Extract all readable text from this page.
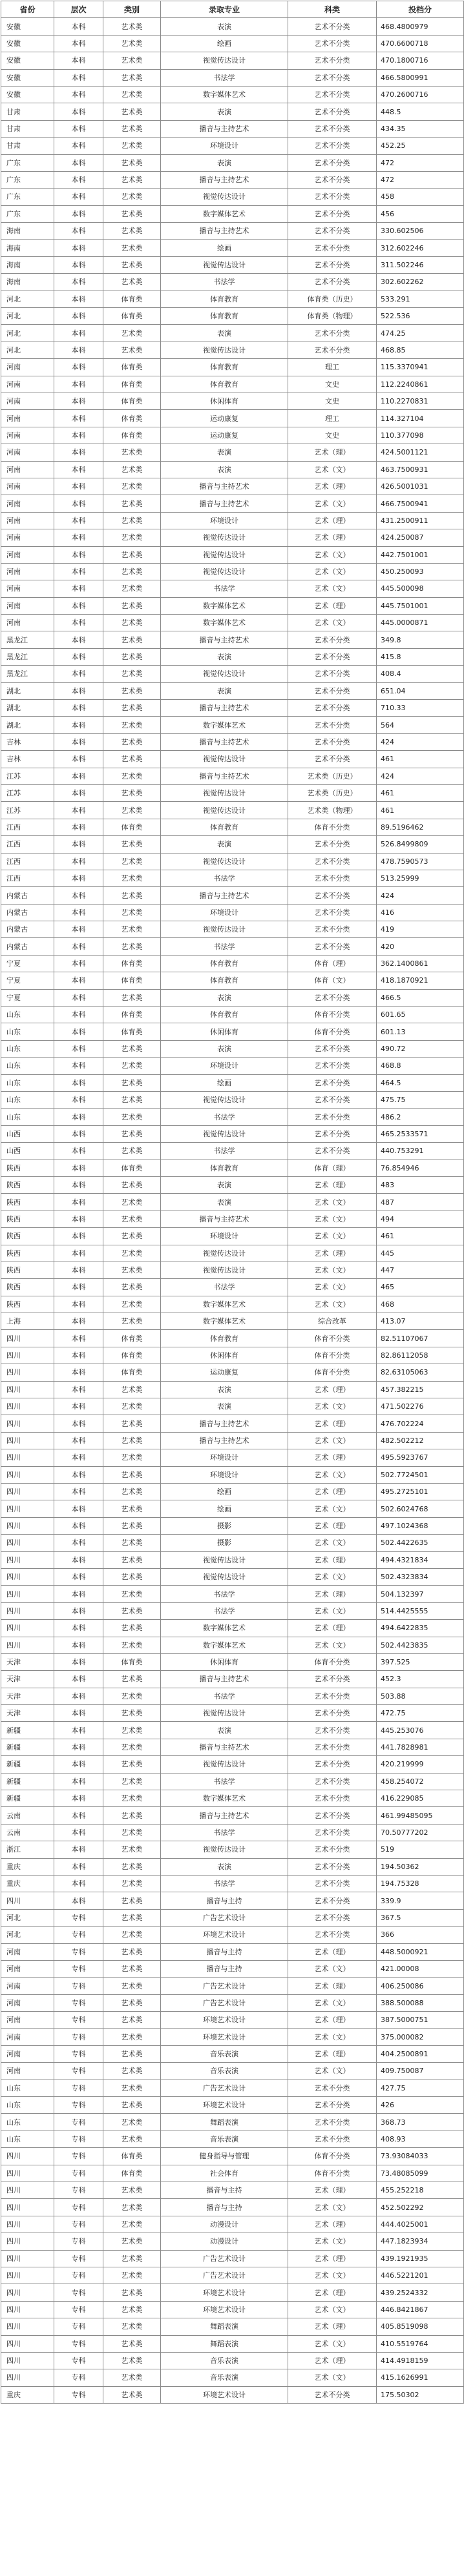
省份	层次	类别	录取专业	科类	投档分
安徽	本科	艺术类	表演	艺术不分类	468.4800979
安徽	本科	艺术类	绘画	艺术不分类	470.6600718
安徽	本科	艺术类	视觉传达设计	艺术不分类	470.1800716
安徽	本科	艺术类	书法学	艺术不分类	466.5800991
安徽	本科	艺术类	数字媒体艺术	艺术不分类	470.2600716
甘肃	本科	艺术类	表演	艺术不分类	448.5
甘肃	本科	艺术类	播音与主持艺术	艺术不分类	434.35
甘肃	本科	艺术类	环境设计	艺术不分类	452.25
广东	本科	艺术类	表演	艺术不分类	472
广东	本科	艺术类	播音与主持艺术	艺术不分类	472
广东	本科	艺术类	视觉传达设计	艺术不分类	458
广东	本科	艺术类	数字媒体艺术	艺术不分类	456
海南	本科	艺术类	播音与主持艺术	艺术不分类	330.602506
海南	本科	艺术类	绘画	艺术不分类	312.602246
海南	本科	艺术类	视觉传达设计	艺术不分类	311.502246
海南	本科	艺术类	书法学	艺术不分类	302.602262
河北	本科	体育类	体育教育	体育类（历史）	533.291
河北	本科	体育类	体育教育	体育类（物理）	522.536
河北	本科	艺术类	表演	艺术不分类	474.25
河北	本科	艺术类	视觉传达设计	艺术不分类	468.85
河南	本科	体育类	体育教育	理工	115.3370941
河南	本科	体育类	体育教育	文史	112.2240861
河南	本科	体育类	休闲体育	文史	110.2270831
河南	本科	体育类	运动康复	理工	114.327104
河南	本科	体育类	运动康复	文史	110.377098
河南	本科	艺术类	表演	艺术（理）	424.5001121
河南	本科	艺术类	表演	艺术（文）	463.7500931
河南	本科	艺术类	播音与主持艺术	艺术（理）	426.5001031
河南	本科	艺术类	播音与主持艺术	艺术（文）	466.7500941
河南	本科	艺术类	环境设计	艺术（理）	431.2500911
河南	本科	艺术类	视觉传达设计	艺术（理）	424.250087
河南	本科	艺术类	视觉传达设计	艺术（文）	442.7501001
河南	本科	艺术类	视觉传达设计	艺术（文）	450.250093
河南	本科	艺术类	书法学	艺术（文）	445.500098
河南	本科	艺术类	数字媒体艺术	艺术（理）	445.7501001
河南	本科	艺术类	数字媒体艺术	艺术（文）	445.0000871
黑龙江	本科	艺术类	播音与主持艺术	艺术不分类	349.8
黑龙江	本科	艺术类	表演	艺术不分类	415.8
黑龙江	本科	艺术类	视觉传达设计	艺术不分类	408.4
湖北	本科	艺术类	表演	艺术不分类	651.04
湖北	本科	艺术类	播音与主持艺术	艺术不分类	710.33
湖北	本科	艺术类	数字媒体艺术	艺术不分类	564
吉林	本科	艺术类	播音与主持艺术	艺术不分类	424
吉林	本科	艺术类	视觉传达设计	艺术不分类	461
江苏	本科	艺术类	播音与主持艺术	艺术类（历史）	424
江苏	本科	艺术类	视觉传达设计	艺术类（历史）	461
江苏	本科	艺术类	视觉传达设计	艺术类（物理）	461
江西	本科	体育类	体育教育	体育不分类	89.5196462
江西	本科	艺术类	表演	艺术不分类	526.8499809
江西	本科	艺术类	视觉传达设计	艺术不分类	478.7590573
江西	本科	艺术类	书法学	艺术不分类	513.25999
内蒙古	本科	艺术类	播音与主持艺术	艺术不分类	424
内蒙古	本科	艺术类	环境设计	艺术不分类	416
内蒙古	本科	艺术类	视觉传达设计	艺术不分类	419
内蒙古	本科	艺术类	书法学	艺术不分类	420
宁夏	本科	体育类	体育教育	体育（理）	362.1400861
宁夏	本科	体育类	体育教育	体育（文）	418.1870921
宁夏	本科	艺术类	表演	艺术不分类	466.5
山东	本科	体育类	体育教育	体育不分类	601.65
山东	本科	体育类	休闲体育	体育不分类	601.13
山东	本科	艺术类	表演	艺术不分类	490.72
山东	本科	艺术类	环境设计	艺术不分类	468.8
山东	本科	艺术类	绘画	艺术不分类	464.5
山东	本科	艺术类	视觉传达设计	艺术不分类	475.75
山东	本科	艺术类	书法学	艺术不分类	486.2
山西	本科	艺术类	视觉传达设计	艺术不分类	465.2533571
山西	本科	艺术类	书法学	艺术不分类	440.753291
陕西	本科	体育类	体育教育	体育（理）	76.854946
陕西	本科	艺术类	表演	艺术（理）	483
陕西	本科	艺术类	表演	艺术（文）	487
陕西	本科	艺术类	播音与主持艺术	艺术（文）	494
陕西	本科	艺术类	环境设计	艺术（文）	461
陕西	本科	艺术类	视觉传达设计	艺术（理）	445
陕西	本科	艺术类	视觉传达设计	艺术（文）	447
陕西	本科	艺术类	书法学	艺术（文）	465
陕西	本科	艺术类	数字媒体艺术	艺术（文）	468
上海	本科	艺术类	数字媒体艺术	综合改革	413.07
四川	本科	体育类	体育教育	体育不分类	82.51107067
四川	本科	体育类	休闲体育	体育不分类	82.86112058
四川	本科	体育类	运动康复	体育不分类	82.63105063
四川	本科	艺术类	表演	艺术（理）	457.382215
四川	本科	艺术类	表演	艺术（文）	471.502276
四川	本科	艺术类	播音与主持艺术	艺术（理）	476.702224
四川	本科	艺术类	播音与主持艺术	艺术（文）	482.502212
四川	本科	艺术类	环境设计	艺术（理）	495.5923767
四川	本科	艺术类	环境设计	艺术（文）	502.7724501
四川	本科	艺术类	绘画	艺术（理）	495.2725101
四川	本科	艺术类	绘画	艺术（文）	502.6024768
四川	本科	艺术类	摄影	艺术（理）	497.1024368
四川	本科	艺术类	摄影	艺术（文）	502.4422635
四川	本科	艺术类	视觉传达设计	艺术（理）	494.4321834
四川	本科	艺术类	视觉传达设计	艺术（文）	502.4323834
四川	本科	艺术类	书法学	艺术（理）	504.132397
四川	本科	艺术类	书法学	艺术（文）	514.4425555
四川	本科	艺术类	数字媒体艺术	艺术（理）	494.6422835
四川	本科	艺术类	数字媒体艺术	艺术（文）	502.4423835
天津	本科	体育类	休闲体育	体育不分类	397.525
天津	本科	艺术类	播音与主持艺术	艺术不分类	452.3
天津	本科	艺术类	书法学	艺术不分类	503.88
天津	本科	艺术类	视觉传达设计	艺术不分类	472.75
新疆	本科	艺术类	表演	艺术不分类	445.253076
新疆	本科	艺术类	播音与主持艺术	艺术不分类	441.7828981
新疆	本科	艺术类	视觉传达设计	艺术不分类	420.219999
新疆	本科	艺术类	书法学	艺术不分类	458.254072
新疆	本科	艺术类	数字媒体艺术	艺术不分类	416.229085
云南	本科	艺术类	播音与主持艺术	艺术不分类	461.99485095
云南	本科	艺术类	书法学	艺术不分类	70.50777202
浙江	本科	艺术类	视觉传达设计	艺术不分类	519
重庆	本科	艺术类	表演	艺术不分类	194.50362
重庆	本科	艺术类	书法学	艺术不分类	194.75328
四川	本科	艺术类	播音与主持	艺术不分类	339.9
河北	专科	艺术类	广告艺术设计	艺术不分类	367.5
河北	专科	艺术类	环境艺术设计	艺术不分类	366
河南	专科	艺术类	播音与主持	艺术（理）	448.5000921
河南	专科	艺术类	播音与主持	艺术（文）	421.00008
河南	专科	艺术类	广告艺术设计	艺术（理）	406.250086
河南	专科	艺术类	广告艺术设计	艺术（文）	388.500088
河南	专科	艺术类	环境艺术设计	艺术（理）	387.5000751
河南	专科	艺术类	环境艺术设计	艺术（文）	375.000082
河南	专科	艺术类	音乐表演	艺术（理）	404.2500891
河南	专科	艺术类	音乐表演	艺术（文）	409.750087
山东	专科	艺术类	广告艺术设计	艺术不分类	427.75
山东	专科	艺术类	环境艺术设计	艺术不分类	426
山东	专科	艺术类	舞蹈表演	艺术不分类	368.73
山东	专科	艺术类	音乐表演	艺术不分类	408.93
四川	专科	体育类	健身指导与管理	体育不分类	73.93084033
四川	专科	体育类	社会体育	体育不分类	73.48085099
四川	专科	艺术类	播音与主持	艺术（理）	455.252218
四川	专科	艺术类	播音与主持	艺术（文）	452.502292
四川	专科	艺术类	动漫设计	艺术（理）	444.4025001
四川	专科	艺术类	动漫设计	艺术（文）	447.1823934
四川	专科	艺术类	广告艺术设计	艺术（理）	439.1921935
四川	专科	艺术类	广告艺术设计	艺术（文）	446.5221201
四川	专科	艺术类	环境艺术设计	艺术（理）	439.2524332
四川	专科	艺术类	环境艺术设计	艺术（文）	446.8421867
四川	专科	艺术类	舞蹈表演	艺术（理）	405.8519098
四川	专科	艺术类	舞蹈表演	艺术（文）	410.5519764
四川	专科	艺术类	音乐表演	艺术（理）	414.4918159
四川	专科	艺术类	音乐表演	艺术（文）	415.1626991
重庆	专科	艺术类	环境艺术设计	艺术不分类	175.50302
